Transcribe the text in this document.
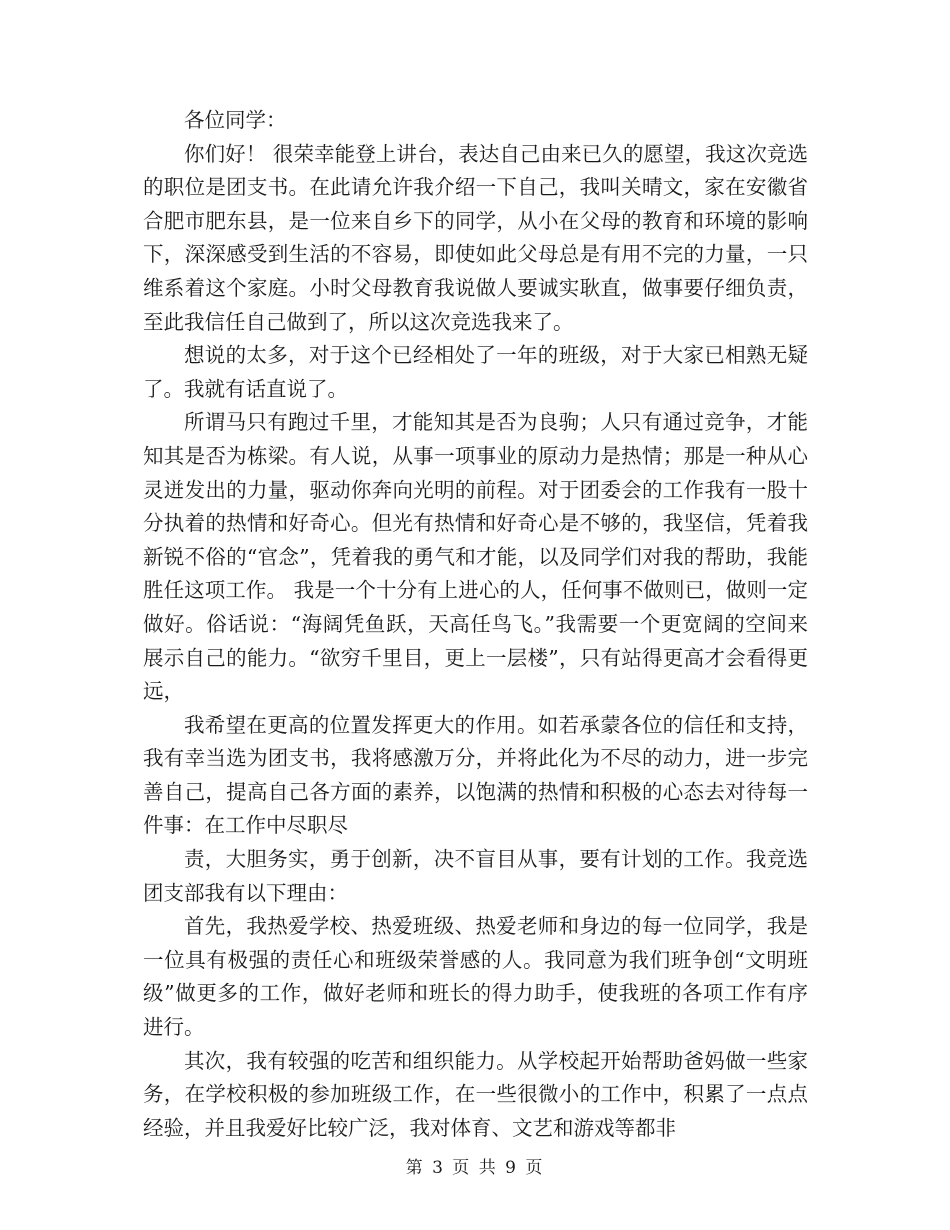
各位同学：

你们好！ 很荣幸能登上讲台，表达自己由来已久的愿望，我这次竞选的职位是团支书。在此请允许我介绍一下自己，我叫关晴文，家在安徽省合肥市肥东县，是一位来自乡下的同学，从小在父母的教育和环境的影响下，深深感受到生活的不容易，即使如此父母总是有用不完的力量，一只维系着这个家庭。小时父母教育我说做人要诚实耿直，做事要仔细负责，至此我信任自己做到了，所以这次竞选我来了。

想说的太多，对于这个已经相处了一年的班级，对于大家已相熟无疑了。我就有话直说了。

所谓马只有跑过千里，才能知其是否为良驹；人只有通过竞争，才能知其是否为栋梁。有人说，从事一项事业的原动力是热情；那是一种从心灵迸发出的力量，驱动你奔向光明的前程。对于团委会的工作我有一股十分执着的热情和好奇心。但光有热情和好奇心是不够的，我坚信，凭着我新锐不俗的“官念”，凭着我的勇气和才能，以及同学们对我的帮助，我能胜任这项工作。 我是一个十分有上进心的人，任何事不做则已，做则一定做好。俗话说：“海阔凭鱼跃，天高任鸟飞。”我需要一个更宽阔的空间来展示自己的能力。“欲穷千里目，更上一层楼”，只有站得更高才会看得更远，

我希望在更高的位置发挥更大的作用。如若承蒙各位的信任和支持，我有幸当选为团支书，我将感激万分，并将此化为不尽的动力，进一步完善自己，提高自己各方面的素养，以饱满的热情和积极的心态去对待每一件事：在工作中尽职尽

责，大胆务实，勇于创新，决不盲目从事，要有计划的工作。我竞选团支部我有以下理由：

首先，我热爱学校、热爱班级、热爱老师和身边的每一位同学，我是一位具有极强的责任心和班级荣誉感的人。我同意为我们班争创“文明班级”做更多的工作，做好老师和班长的得力助手，使我班的各项工作有序进行。

其次，我有较强的吃苦和组织能力。从学校起开始帮助爸妈做一些家务，在学校积极的参加班级工作，在一些很微小的工作中，积累了一点点经验，并且我爱好比较广泛，我对体育、文艺和游戏等都非

第 3 页 共 9 页
